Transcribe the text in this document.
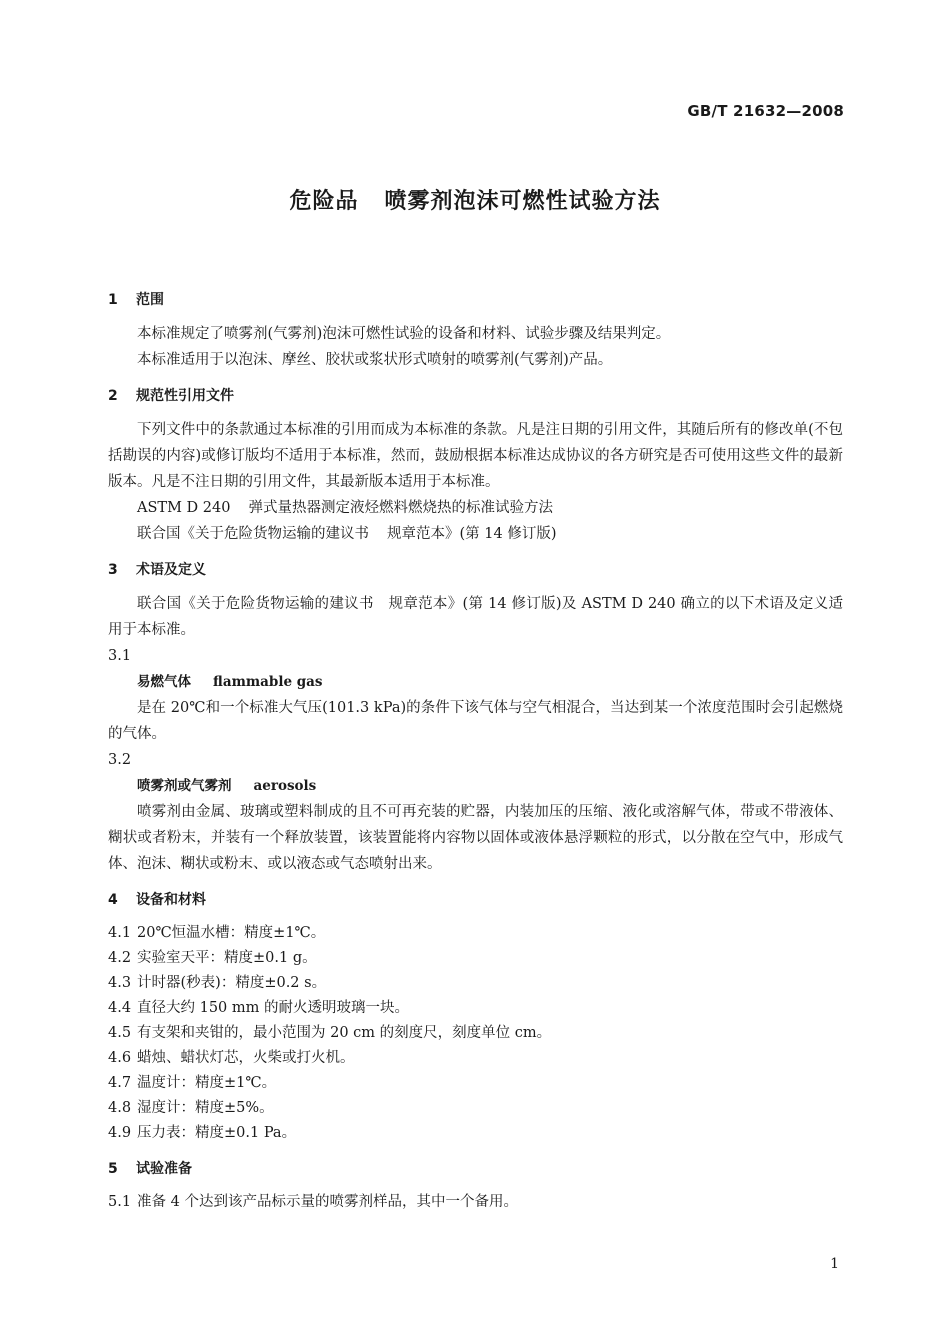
GB/T 21632—2008
危险品 喷雾剂泡沫可燃性试验方法
1 范围
本标准规定了喷雾剂(气雾剂)泡沫可燃性试验的设备和材料、试验步骤及结果判定。
本标准适用于以泡沫、摩丝、胶状或浆状形式喷射的喷雾剂(气雾剂)产品。
2 规范性引用文件
下列文件中的条款通过本标准的引用而成为本标准的条款。凡是注日期的引用文件，其随后所有的修改单(不包括勘误的内容)或修订版均不适用于本标准，然而，鼓励根据本标准达成协议的各方研究是否可使用这些文件的最新版本。凡是不注日期的引用文件，其最新版本适用于本标准。
ASTM D 240 弹式量热器测定液烃燃料燃烧热的标准试验方法
联合国《关于危险货物运输的建议书 规章范本》(第 14 修订版)
3 术语及定义
联合国《关于危险货物运输的建议书　规章范本》(第 14 修订版)及 ASTM D 240 确立的以下术语及定义适用于本标准。
3.1
易燃气体 flammable gas
是在 20℃和一个标准大气压(101.3 kPa)的条件下该气体与空气相混合，当达到某一个浓度范围时会引起燃烧的气体。
3.2
喷雾剂或气雾剂 aerosols
喷雾剂由金属、玻璃或塑料制成的且不可再充装的贮器，内装加压的压缩、液化或溶解气体，带或不带液体、糊状或者粉末，并装有一个释放装置，该装置能将内容物以固体或液体悬浮颗粒的形式，以分散在空气中，形成气体、泡沫、糊状或粉末、或以液态或气态喷射出来。
4 设备和材料
4.1 20℃恒温水槽：精度±1℃。
4.2 实验室天平：精度±0.1 g。
4.3 计时器(秒表)：精度±0.2 s。
4.4 直径大约 150 mm 的耐火透明玻璃一块。
4.5 有支架和夹钳的，最小范围为 20 cm 的刻度尺，刻度单位 cm。
4.6 蜡烛、蜡状灯芯，火柴或打火机。
4.7 温度计：精度±1℃。
4.8 湿度计：精度±5%。
4.9 压力表：精度±0.1 Pa。
5 试验准备
5.1 准备 4 个达到该产品标示量的喷雾剂样品，其中一个备用。
1
